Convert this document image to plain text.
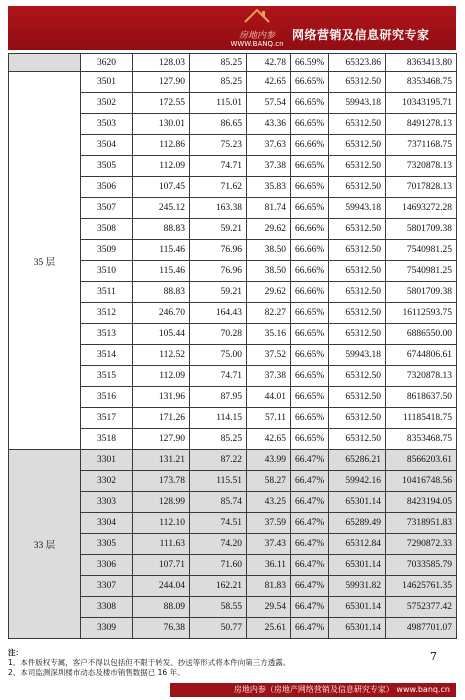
房地内参
WWW.BANQ.cn
网络营销及信息研究专家
	3620	128.03	85.25	42.78	66.59%	65323.86	8363413.80
35 层	3501	127.90	85.25	42.65	66.65%	65312.50	8353468.75
	3502	172.55	115.01	57.54	66.65%	59943.18	10343195.71
	3503	130.01	86.65	43.36	66.65%	65312.50	8491278.13
	3504	112.86	75.23	37.63	66.66%	65312.50	7371168.75
	3505	112.09	74.71	37.38	66.65%	65312.50	7320878.13
	3506	107.45	71.62	35.83	66.65%	65312.50	7017828.13
	3507	245.12	163.38	81.74	66.65%	59943.18	14693272.28
	3508	88.83	59.21	29.62	66.66%	65312.50	5801709.38
	3509	115.46	76.96	38.50	66.66%	65312.50	7540981.25
	3510	115.46	76.96	38.50	66.66%	65312.50	7540981.25
	3511	88.83	59.21	29.62	66.66%	65312.50	5801709.38
	3512	246.70	164.43	82.27	66.65%	65312.50	16112593.75
	3513	105.44	70.28	35.16	66.65%	65312.50	6886550.00
	3514	112.52	75.00	37.52	66.65%	59943.18	6744806.61
	3515	112.09	74.71	37.38	66.65%	65312.50	7320878.13
	3516	131.96	87.95	44.01	66.65%	65312.50	8618637.50
	3517	171.26	114.15	57.11	66.65%	65312.50	11185418.75
	3518	127.90	85.25	42.65	66.65%	65312.50	8353468.75
33 层	3301	131.21	87.22	43.99	66.47%	65286.21	8566203.61
	3302	173.78	115.51	58.27	66.47%	59942.16	10416748.56
	3303	128.99	85.74	43.25	66.47%	65301.14	8423194.05
	3304	112.10	74.51	37.59	66.47%	65289.49	7318951.83
	3305	111.63	74.20	37.43	66.47%	65312.84	7290872.33
	3306	107.71	71.60	36.11	66.47%	65301.14	7033585.79
	3307	244.04	162.21	81.83	66.47%	59931.82	14625761.35
	3308	88.09	58.55	29.54	66.47%	65301.14	5752377.42
	3309	76.38	50.77	25.61	66.47%	65301.14	4987701.07
注：
1、本件版权专属，客户不得以包括但不限于转发、抄送等形式将本件向第三方透露。
2、本司监测深圳楼市动态及楼市销售数据已 16 年。
7
房地内参（房地产网络营销及信息研究专家） www.banq.cn
